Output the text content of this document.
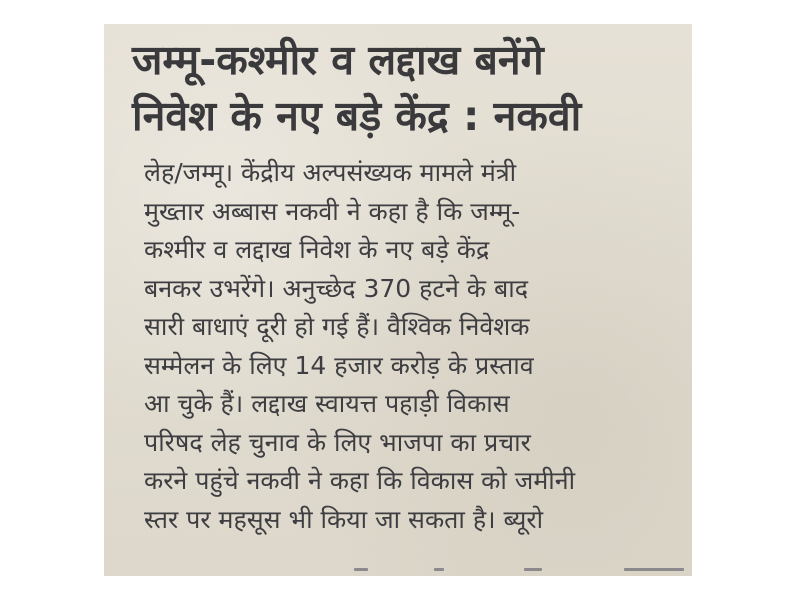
जम्मू-कश्मीर व लद्दाख बनेंगे
निवेश के नए बड़े केंद्र : नकवी
लेह/जम्मू। केंद्रीय अल्पसंख्यक मामले मंत्री
मुख्तार अब्बास नकवी ने कहा है कि जम्मू-
कश्मीर व लद्दाख निवेश के नए बड़े केंद्र
बनकर उभरेंगे। अनुच्छेद 370 हटने के बाद
सारी बाधाएं दूरी हो गई हैं। वैश्विक निवेशक
सम्मेलन के लिए 14 हजार करोड़ के प्रस्ताव
आ चुके हैं। लद्दाख स्वायत्त पहाड़ी विकास
परिषद लेह चुनाव के लिए भाजपा का प्रचार
करने पहुंचे नकवी ने कहा कि विकास को जमीनी
स्तर पर महसूस भी किया जा सकता है। ब्यूरो
